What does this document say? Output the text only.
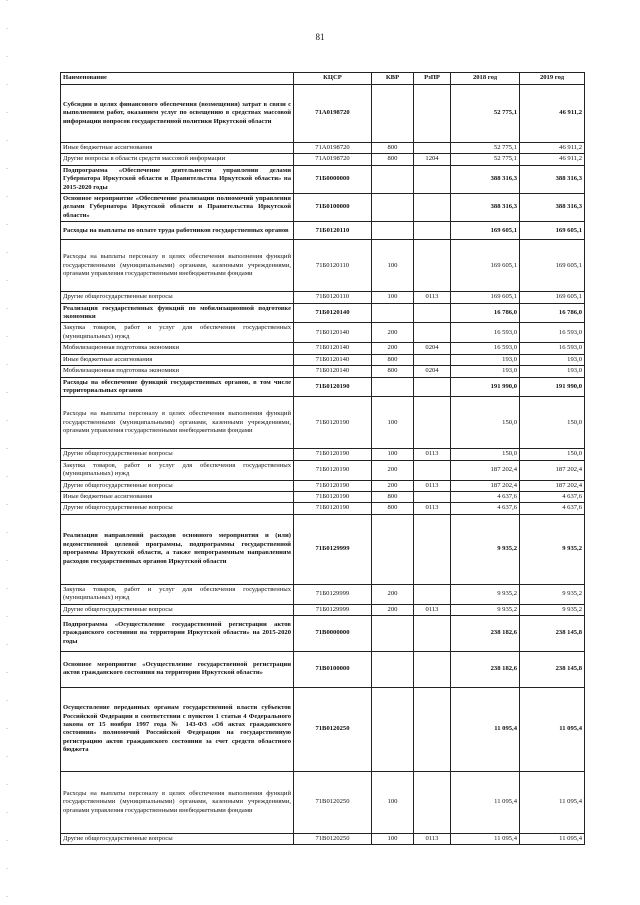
81
Наименование	КЦСР	КВР	РзПР	2018 год	2019 год
Субсидии в целях финансового обеспечения (возмещения) затрат в связи с выполнением работ, оказанием услуг по освещению в средствах массовой информации вопросов государственной политики Иркутской области	71А0198720			52 775,1	46 911,2
Иные бюджетные ассигнования	71А0198720	800		52 775,1	46 911,2
Другие вопросы в области средств массовой информации	71А0198720	800	1204	52 775,1	46 911,2
Подпрограмма «Обеспечение деятельности управления делами Губернатора Иркутской области и Правительства Иркутской области» на 2015-2020 годы	71Б0000000			388 316,3	388 316,3
Основное мероприятие «Обеспечение реализации полномочий управления делами Губернатора Иркутской области и Правительства Иркутской области»	71Б0100000			388 316,3	388 316,3
Расходы на выплаты по оплате труда работников государственных органов	71Б0120110			169 605,1	169 605,1
Расходы на выплаты персоналу в целях обеспечения выполнения функций государственными (муниципальными) органами, казенными учреждениями, органами управления государственными внебюджетными фондами	71Б0120110	100		169 605,1	169 605,1
Другие общегосударственные вопросы	71Б0120110	100	0113	169 605,1	169 605,1
Реализация государственных функций по мобилизационной подготовке экономики	71Б0120140			16 786,0	16 786,0
Закупка товаров, работ и услуг для обеспечения государственных (муниципальных) нужд	71Б0120140	200		16 593,0	16 593,0
Мобилизационная подготовка экономики	71Б0120140	200	0204	16 593,0	16 593,0
Иные бюджетные ассигнования	71Б0120140	800		193,0	193,0
Мобилизационная подготовка экономики	71Б0120140	800	0204	193,0	193,0
Расходы на обеспечение функций государственных органов, в том числе территориальных органов	71Б0120190			191 990,0	191 990,0
Расходы на выплаты персоналу в целях обеспечения выполнения функций государственными (муниципальными) органами, казенными учреждениями, органами управления государственными внебюджетными фондами	71Б0120190	100		150,0	150,0
Другие общегосударственные вопросы	71Б0120190	100	0113	150,0	150,0
Закупка товаров, работ и услуг для обеспечения государственных (муниципальных) нужд	71Б0120190	200		187 202,4	187 202,4
Другие общегосударственные вопросы	71Б0120190	200	0113	187 202,4	187 202,4
Иные бюджетные ассигнования	71Б0120190	800		4 637,6	4 637,6
Другие общегосударственные вопросы	71Б0120190	800	0113	4 637,6	4 637,6
Реализация направлений расходов основного мероприятия и (или) ведомственной целевой программы, подпрограммы государственной программы Иркутской области, а также непрограммным направлениям расходов государственных органов Иркутской области	71Б0129999			9 935,2	9 935,2
Закупка товаров, работ и услуг для обеспечения государственных (муниципальных) нужд	71Б0129999	200		9 935,2	9 935,2
Другие общегосударственные вопросы	71Б0129999	200	0113	9 935,2	9 935,2
Подпрограмма «Осуществление государственной регистрации актов гражданского состояния на территории Иркутской области» на 2015-2020 годы	71В0000000			238 182,6	238 145,8
Основное мероприятие «Осуществление государственной регистрации актов гражданского состояния на территории Иркутской области»	71В0100000			238 182,6	238 145,8
Осуществление переданных органам государственной власти субъектов Российской Федерации в соответствии с пунктом 1 статьи 4 Федерального закона от 15 ноября 1997 года № 143-ФЗ «Об актах гражданского состояния» полномочий Российской Федерации на государственную регистрацию актов гражданского состояния за счет средств областного бюджета	71В0120250			11 095,4	11 095,4
Расходы на выплаты персоналу в целях обеспечения выполнения функций государственными (муниципальными) органами, казенными учреждениями, органами управления государственными внебюджетными фондами	71В0120250	100		11 095,4	11 095,4
Другие общегосударственные вопросы	71В0120250	100	0113	11 095,4	11 095,4
